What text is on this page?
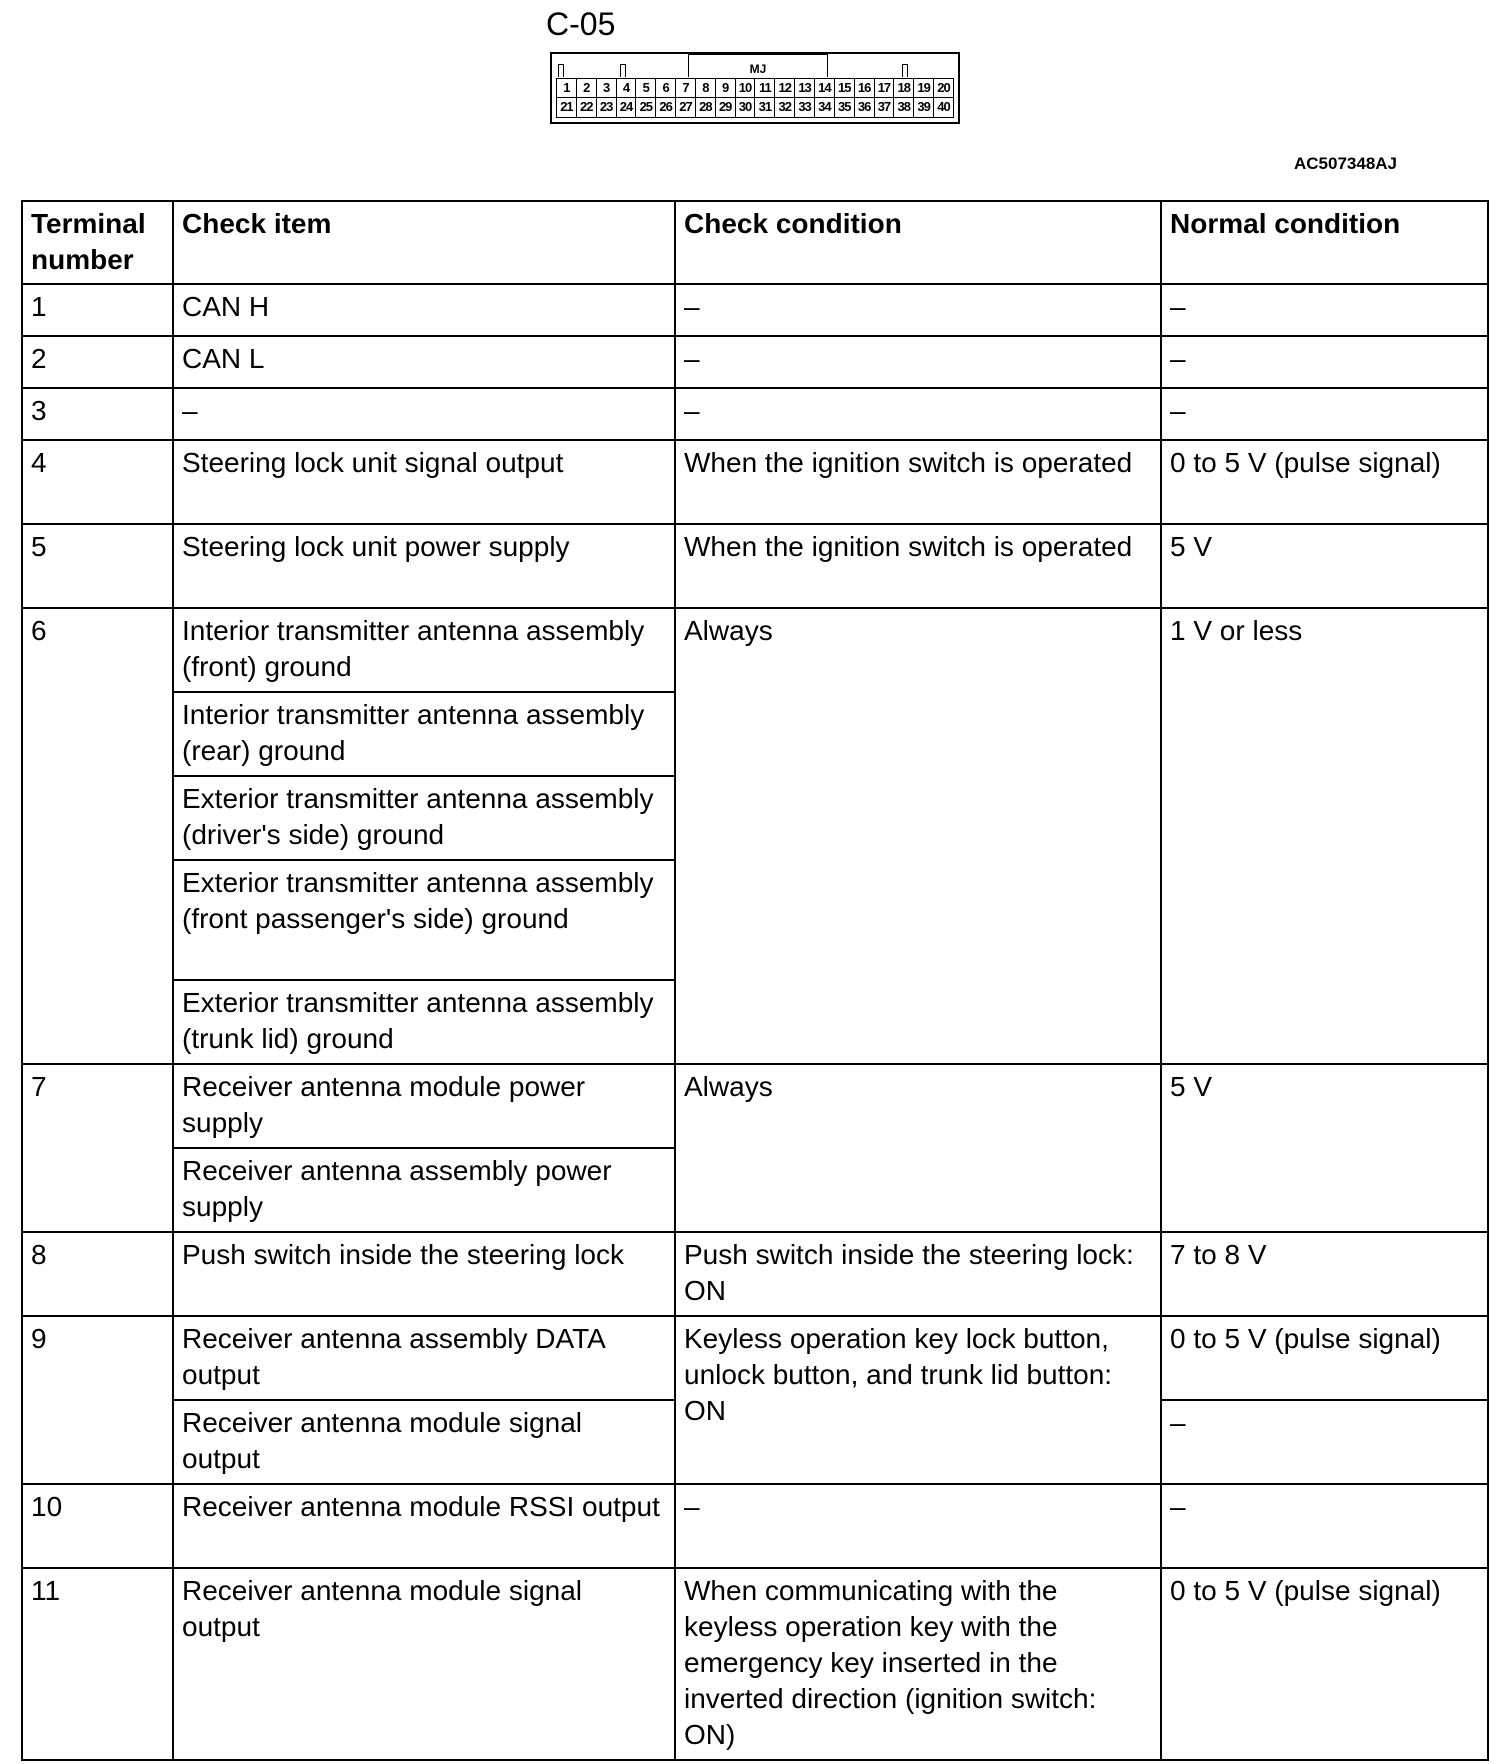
C-05
MJ
1	2	3	4	5	6	7	8	9 10 11 12 13 14 15 16 17 18 19 20
21 22 23 24 25 26 27 28 29 30 31 32 33 34 35 36 37 38 39 40
AC507348AJ
Terminal number	Check item	Check condition	Normal condition
1	CAN H	–	–
2	CAN L	–	–
3	–	–	–
4	Steering lock unit signal output	When the ignition switch is operated	0 to 5 V (pulse signal)
5	Steering lock unit power supply	When the ignition switch is operated	5 V
6	Interior transmitter antenna assembly (front) ground	Always	1 V or less
	Interior transmitter antenna assembly (rear) ground		
	Exterior transmitter antenna assembly (driver's side) ground		
	Exterior transmitter antenna assembly (front passenger's side) ground		
	Exterior transmitter antenna assembly (trunk lid) ground		
7	Receiver antenna module power supply	Always	5 V
	Receiver antenna assembly power supply		
8	Push switch inside the steering lock	Push switch inside the steering lock: ON	7 to 8 V
9	Receiver antenna assembly DATA output	Keyless operation key lock button, unlock button, and trunk lid button: ON	0 to 5 V (pulse signal)
	Receiver antenna module signal output		–
10	Receiver antenna module RSSI output	–	–
11	Receiver antenna module signal output	When communicating with the keyless operation key with the emergency key inserted in the inverted direction (ignition switch: ON)	0 to 5 V (pulse signal)
